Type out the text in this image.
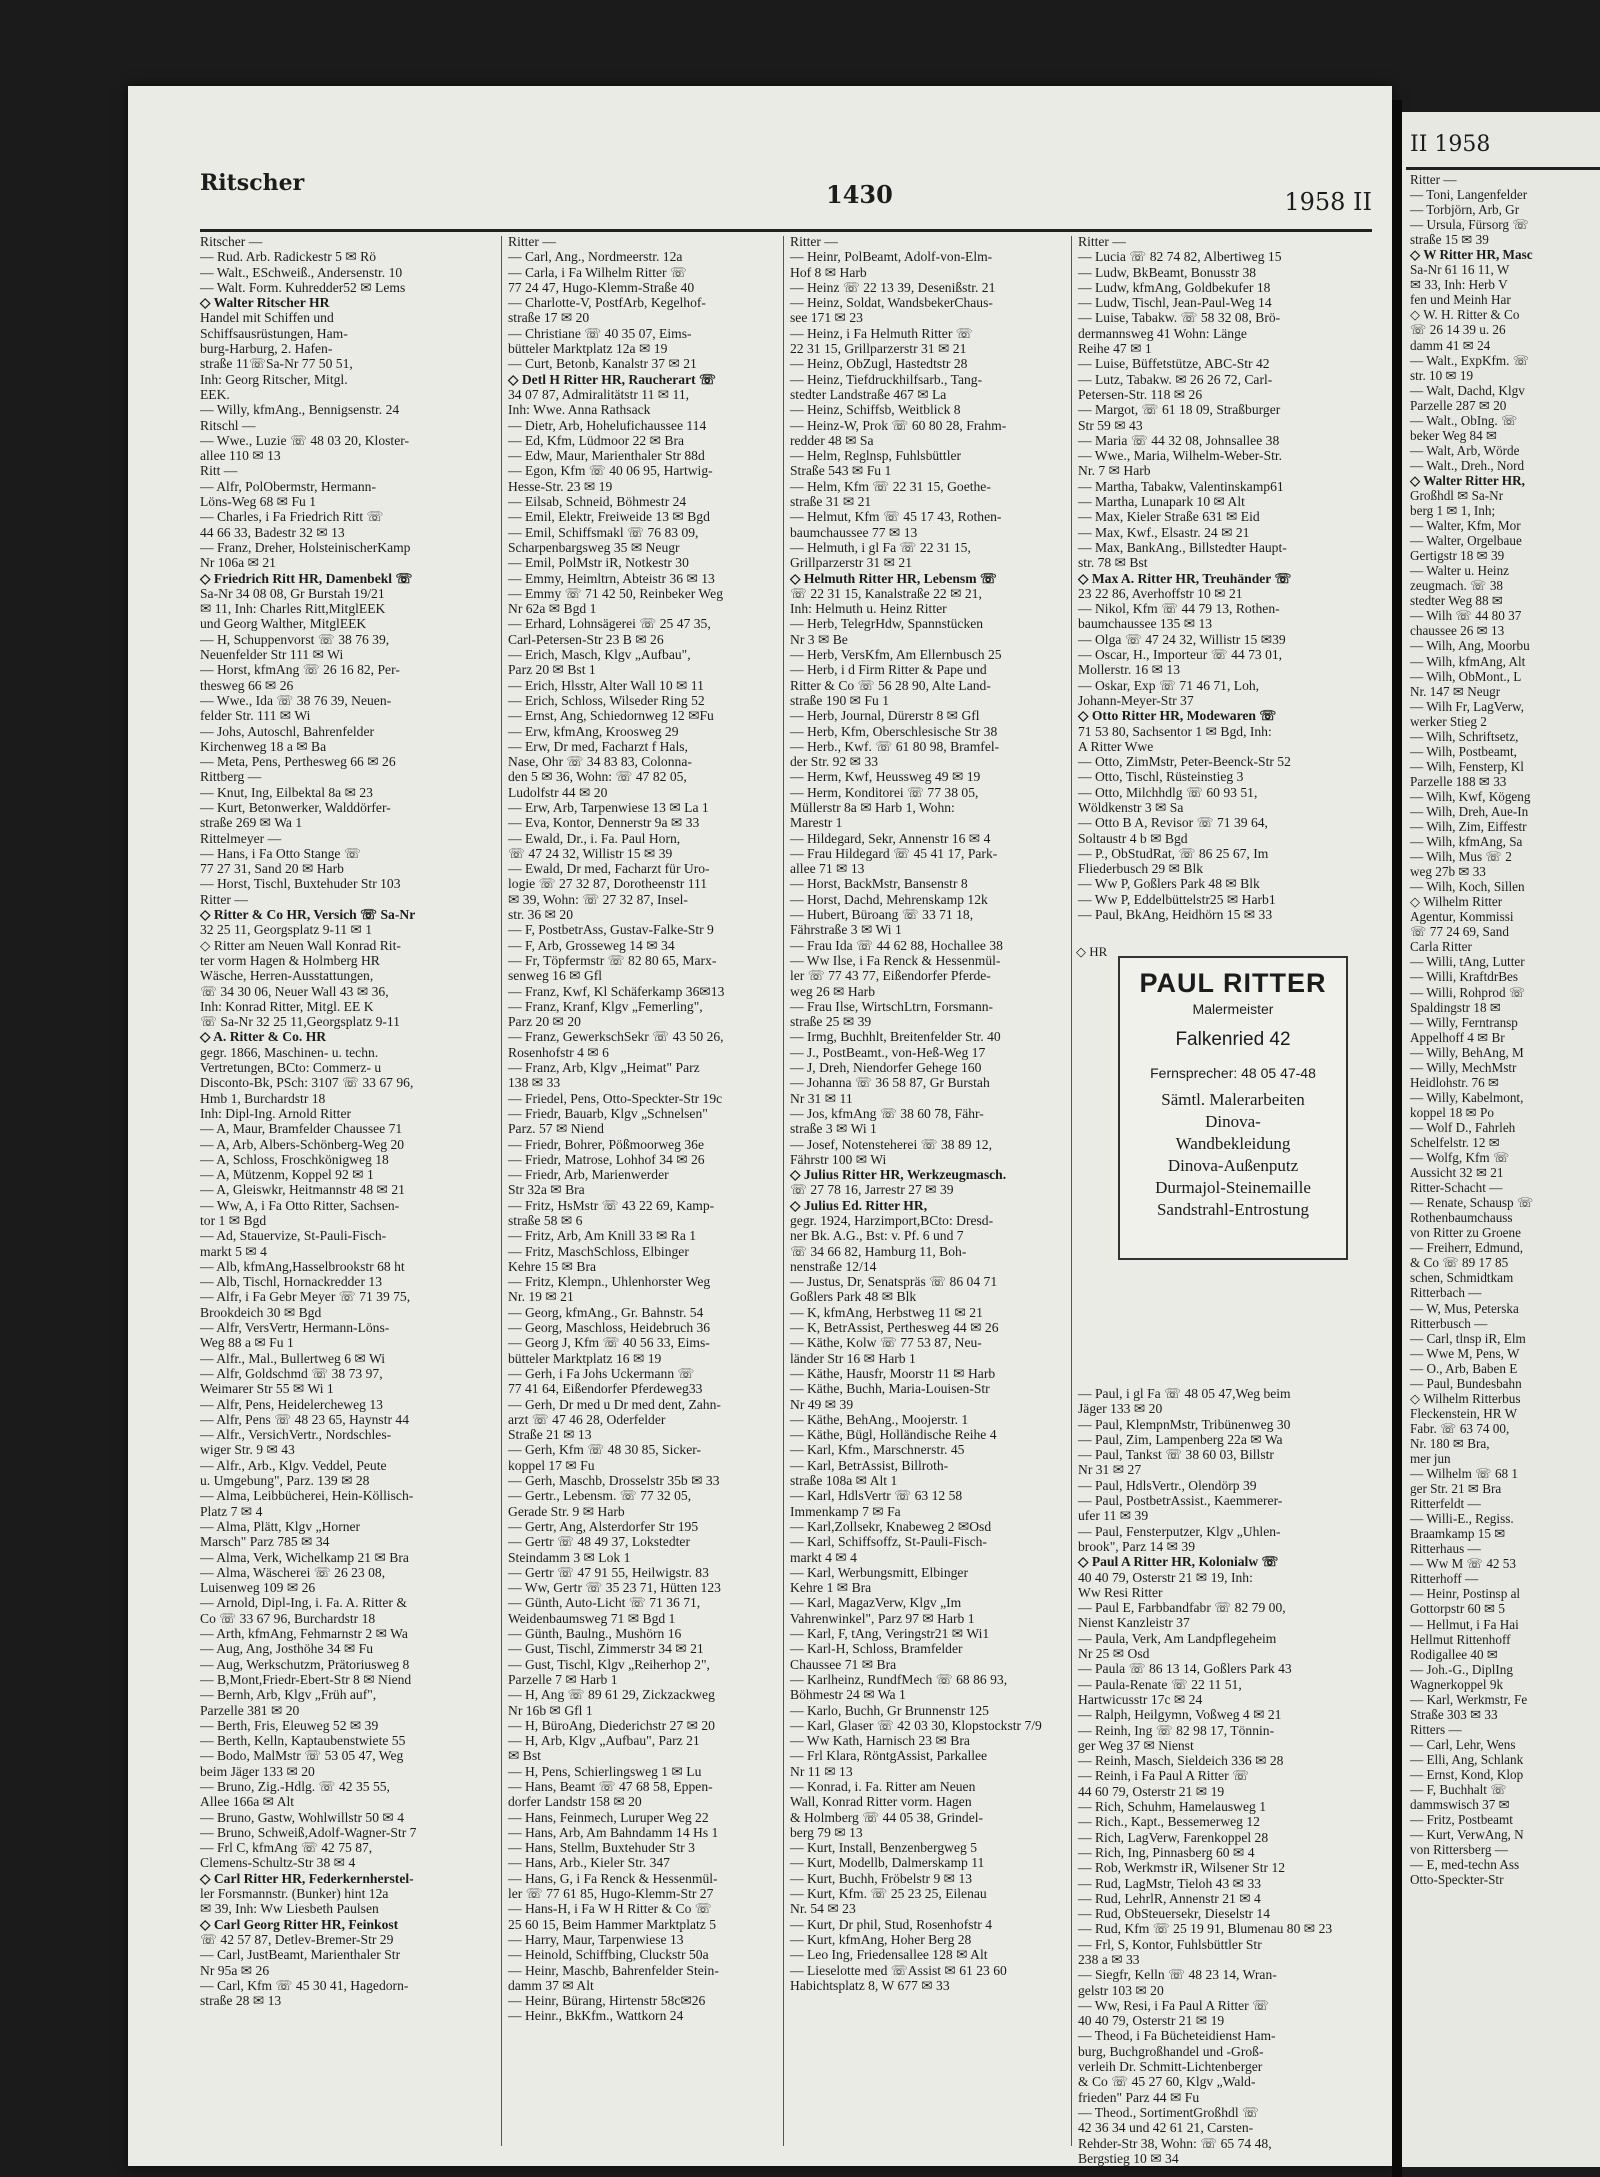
II 1958
Ritter —
— Toni, Langenfelder
— Torbjörn, Arb, Gr
— Ursula, Fürsorg ☏
straße 15 ✉ 39
◇ W Ritter HR, Masc
Sa-Nr 61 16 11, W
✉ 33, Inh: Herb V
fen und Meinh Har
◇ W. H. Ritter & Co
☏ 26 14 39 u. 26
damm 41 ✉ 24
— Walt., ExpKfm. ☏
str. 10 ✉ 19
— Walt, Dachd, Klgv
Parzelle 287 ✉ 20
— Walt., ObIng. ☏
beker Weg 84 ✉
— Walt, Arb, Wörde
— Walt., Dreh., Nord
◇ Walter Ritter HR,
Großhdl ✉ Sa-Nr
berg 1 ✉ 1, Inh;
— Walter, Kfm, Mor
— Walter, Orgelbaue
Gertigstr 18 ✉ 39
— Walter u. Heinz
zeugmach. ☏ 38
stedter Weg 88 ✉
— Wilh ☏ 44 80 37
chaussee 26 ✉ 13
— Wilh, Ang, Moorbu
— Wilh, kfmAng, Alt
— Wilh, ObMont., L
Nr. 147 ✉ Neugr
— Wilh Fr, LagVerw,
werker Stieg 2
— Wilh, Schriftsetz,
— Wilh, Postbeamt,
— Wilh, Fensterp, Kl
Parzelle 188 ✉ 33
— Wilh, Kwf, Kögeng
— Wilh, Dreh, Aue-In
— Wilh, Zim, Eiffestr
— Wilh, kfmAng, Sa
— Wilh, Mus ☏ 2
weg 27b ✉ 33
— Wilh, Koch, Sillen
◇ Wilhelm Ritter
Agentur, Kommissi
☏ 77 24 69, Sand
Carla Ritter
— Willi, tAng, Lutter
— Willi, KraftdrBes
— Willi, Rohprod ☏
Spaldingstr 18 ✉
— Willy, Ferntransp
Appelhoff 4 ✉ Br
— Willy, BehAng, M
— Willy, MechMstr
Heidlohstr. 76 ✉
— Willy, Kabelmont,
koppel 18 ✉ Po
— Wolf D., Fahrleh
Schelfelstr. 12 ✉
— Wolfg, Kfm ☏
Aussicht 32 ✉ 21
Ritter-Schacht —
— Renate, Schausp ☏
Rothenbaumchauss
von Ritter zu Groene
— Freiherr, Edmund,
& Co ☏ 89 17 85
schen, Schmidtkam
Ritterbach —
— W, Mus, Peterska
Ritterbusch —
— Carl, tlnsp iR, Elm
— Wwe M, Pens, W
— O., Arb, Baben E
— Paul, Bundesbahn
◇ Wilhelm Ritterbus
Fleckenstein, HR W
Fabr. ☏ 63 74 00,
Nr. 180 ✉ Bra,
mer jun
— Wilhelm ☏ 68 1
ger Str. 21 ✉ Bra
Ritterfeldt —
— Willi-E., Regiss.
Braamkamp 15 ✉
Ritterhaus —
— Ww M ☏ 42 53
Ritterhoff —
— Heinr, Postinsp al
Gottorpstr 60 ✉ 5
— Hellmut, i Fa Hai
Hellmut Rittenhoff
Rodigallee 40 ✉
— Joh.-G., DiplIng
Wagnerkoppel 9k
— Karl, Werkmstr, Fe
Straße 303 ✉ 33
Ritters —
— Carl, Lehr, Wens
— Elli, Ang, Schlank
— Ernst, Kond, Klop
— F, Buchhalt ☏
dammswisch 37 ✉
— Fritz, Postbeamt
— Kurt, VerwAng, N
von Rittersberg —
— E, med-techn Ass
Otto-Speckter-Str
Ritscher	1430	1958 II
Ritscher —
— Rud. Arb. Radickestr 5 ✉ Rö
— Walt., ESchweiß., Andersenstr. 10
— Walt. Form. Kuhredder52 ✉ Lems
◇ Walter Ritscher HR
Handel mit Schiffen und
Schiffsausrüstungen, Ham-
burg-Harburg, 2. Hafen-
straße 11☏Sa-Nr 77 50 51,
Inh: Georg Ritscher, Mitgl.
EEK.
— Willy, kfmAng., Bennigsenstr. 24
Ritschl —
— Wwe., Luzie ☏ 48 03 20, Kloster-
allee 110 ✉ 13
Ritt —
— Alfr, PolObermstr, Hermann-
Löns-Weg 68 ✉ Fu 1
— Charles, i Fa Friedrich Ritt ☏
44 66 33, Badestr 32 ✉ 13
— Franz, Dreher, HolsteinischerKamp
Nr 106a ✉ 21
◇ Friedrich Ritt HR, Damenbekl ☏
Sa-Nr 34 08 08, Gr Burstah 19/21
✉ 11, Inh: Charles Ritt,MitglEEK
und Georg Walther, MitglEEK
— H, Schuppenvorst ☏ 38 76 39,
Neuenfelder Str 111 ✉ Wi
— Horst, kfmAng ☏ 26 16 82, Per-
thesweg 66 ✉ 26
— Wwe., Ida ☏ 38 76 39, Neuen-
felder Str. 111 ✉ Wi
— Johs, Autoschl, Bahrenfelder
Kirchenweg 18 a ✉ Ba
— Meta, Pens, Perthesweg 66 ✉ 26
Rittberg —
— Knut, Ing, Eilbektal 8a ✉ 23
— Kurt, Betonwerker, Walddörfer-
straße 269 ✉ Wa 1
Rittelmeyer —
— Hans, i Fa Otto Stange ☏
77 27 31, Sand 20 ✉ Harb
— Horst, Tischl, Buxtehuder Str 103
Ritter —
◇ Ritter & Co HR, Versich ☏ Sa-Nr
32 25 11, Georgsplatz 9-11 ✉ 1
◇ Ritter am Neuen Wall Konrad Rit-
ter vorm Hagen & Holmberg HR
Wäsche, Herren-Ausstattungen,
☏ 34 30 06, Neuer Wall 43 ✉ 36,
Inh: Konrad Ritter, Mitgl. EE K
☏ Sa-Nr 32 25 11,Georgsplatz 9-11
◇ A. Ritter & Co. HR
gegr. 1866, Maschinen- u. techn.
Vertretungen, BCto: Commerz- u
Disconto-Bk, PSch: 3107 ☏ 33 67 96,
Hmb 1, Burchardstr 18
Inh: Dipl-Ing. Arnold Ritter
— A, Maur, Bramfelder Chaussee 71
— A, Arb, Albers-Schönberg-Weg 20
— A, Schloss, Froschkönigweg 18
— A, Mützenm, Koppel 92 ✉ 1
— A, Gleiswkr, Heitmannstr 48 ✉ 21
— Ww, A, i Fa Otto Ritter, Sachsen-
tor 1 ✉ Bgd
— Ad, Stauervize, St-Pauli-Fisch-
markt 5 ✉ 4
— Alb, kfmAng,Hasselbrookstr 68 ht
— Alb, Tischl, Hornackredder 13
— Alfr, i Fa Gebr Meyer ☏ 71 39 75,
Brookdeich 30 ✉ Bgd
— Alfr, VersVertr, Hermann-Löns-
Weg 88 a ✉ Fu 1
— Alfr., Mal., Bullertweg 6 ✉ Wi
— Alfr, Goldschmd ☏ 38 73 97,
Weimarer Str 55 ✉ Wi 1
— Alfr, Pens, Heidelercheweg 13
— Alfr, Pens ☏ 48 23 65, Haynstr 44
— Alfr., VersichVertr., Nordschles-
wiger Str. 9 ✉ 43
— Alfr., Arb., Klgv. Veddel, Peute
u. Umgebung", Parz. 139 ✉ 28
— Alma, Leibbücherei, Hein-Köllisch-
Platz 7 ✉ 4
— Alma, Plätt, Klgv „Horner
Marsch" Parz 785 ✉ 34
— Alma, Verk, Wichelkamp 21 ✉ Bra
— Alma, Wäscherei ☏ 26 23 08,
Luisenweg 109 ✉ 26
— Arnold, Dipl-Ing, i. Fa. A. Ritter &
Co ☏ 33 67 96, Burchardstr 18
— Arth, kfmAng, Fehmarnstr 2 ✉ Wa
— Aug, Ang, Josthöhe 34 ✉ Fu
— Aug, Werkschutzm, Prätoriusweg 8
— B,Mont,Friedr-Ebert-Str 8 ✉ Niend
— Bernh, Arb, Klgv „Früh auf",
Parzelle 381 ✉ 20
— Berth, Fris, Eleuweg 52 ✉ 39
— Berth, Kelln, Kaptaubenstwiete 55
— Bodo, MalMstr ☏ 53 05 47, Weg
beim Jäger 133 ✉ 20
— Bruno, Zig.-Hdlg. ☏ 42 35 55,
Allee 166a ✉ Alt
— Bruno, Gastw, Wohlwillstr 50 ✉ 4
— Bruno, Schweiß,Adolf-Wagner-Str 7
— Frl C, kfmAng ☏ 42 75 87,
Clemens-Schultz-Str 38 ✉ 4
◇ Carl Ritter HR, Federkernherstel-
ler Forsmannstr. (Bunker) hint 12a
✉ 39, Inh: Ww Liesbeth Paulsen
◇ Carl Georg Ritter HR, Feinkost
☏ 42 57 87, Detlev-Bremer-Str 29
— Carl, JustBeamt, Marienthaler Str
Nr 95a ✉ 26
— Carl, Kfm ☏ 45 30 41, Hagedorn-
straße 28 ✉ 13
Ritter —
— Carl, Ang., Nordmeerstr. 12a
— Carla, i Fa Wilhelm Ritter ☏
77 24 47, Hugo-Klemm-Straße 40
— Charlotte-V, PostfArb, Kegelhof-
straße 17 ✉ 20
— Christiane ☏ 40 35 07, Eims-
bütteler Marktplatz 12a ✉ 19
— Curt, Betonb, Kanalstr 37 ✉ 21
◇ Detl H Ritter HR, Raucherart ☏
34 07 87, Admiralitätstr 11 ✉ 11,
Inh: Wwe. Anna Rathsack
— Dietr, Arb, Hohelufichaussee 114
— Ed, Kfm, Lüdmoor 22 ✉ Bra
— Edw, Maur, Marienthaler Str 88d
— Egon, Kfm ☏ 40 06 95, Hartwig-
Hesse-Str. 23 ✉ 19
— Eilsab, Schneid, Böhmestr 24
— Emil, Elektr, Freiweide 13 ✉ Bgd
— Emil, Schiffsmakl ☏ 76 83 09,
Scharpenbargsweg 35 ✉ Neugr
— Emil, PolMstr iR, Notkestr 30
— Emmy, Heimltrn, Abteistr 36 ✉ 13
— Emmy ☏ 71 42 50, Reinbeker Weg
Nr 62a ✉ Bgd 1
— Erhard, Lohnsägerei ☏ 25 47 35,
Carl-Petersen-Str 23 B ✉ 26
— Erich, Masch, Klgv „Aufbau",
Parz 20 ✉ Bst 1
— Erich, Hlsstr, Alter Wall 10 ✉ 11
— Erich, Schloss, Wilseder Ring 52
— Ernst, Ang, Schiedornweg 12 ✉Fu
— Erw, kfmAng, Kroosweg 29
— Erw, Dr med, Facharzt f Hals,
Nase, Ohr ☏ 34 83 83, Colonna-
den 5 ✉ 36, Wohn: ☏ 47 82 05,
Ludolfstr 44 ✉ 20
— Erw, Arb, Tarpenwiese 13 ✉ La 1
— Eva, Kontor, Dennerstr 9a ✉ 33
— Ewald, Dr., i. Fa. Paul Horn,
☏ 47 24 32, Willistr 15 ✉ 39
— Ewald, Dr med, Facharzt für Uro-
logie ☏ 27 32 87, Dorotheenstr 111
✉ 39, Wohn: ☏ 27 32 87, Insel-
str. 36 ✉ 20
— F, PostbetrAss, Gustav-Falke-Str 9
— F, Arb, Grosseweg 14 ✉ 34
— Fr, Töpfermstr ☏ 82 80 65, Marx-
senweg 16 ✉ Gfl
— Franz, Kwf, Kl Schäferkamp 36✉13
— Franz, Kranf, Klgv „Femerling",
Parz 20 ✉ 20
— Franz, GewerkschSekr ☏ 43 50 26,
Rosenhofstr 4 ✉ 6
— Franz, Arb, Klgv „Heimat" Parz
138 ✉ 33
— Friedel, Pens, Otto-Speckter-Str 19c
— Friedr, Bauarb, Klgv „Schnelsen"
Parz. 57 ✉ Niend
— Friedr, Bohrer, Pößmoorweg 36e
— Friedr, Matrose, Lohhof 34 ✉ 26
— Friedr, Arb, Marienwerder
Str 32a ✉ Bra
— Fritz, HsMstr ☏ 43 22 69, Kamp-
straße 58 ✉ 6
— Fritz, Arb, Am Knill 33 ✉ Ra 1
— Fritz, MaschSchloss, Elbinger
Kehre 15 ✉ Bra
— Fritz, Klempn., Uhlenhorster Weg
Nr. 19 ✉ 21
— Georg, kfmAng., Gr. Bahnstr. 54
— Georg, Maschloss, Heidebruch 36
— Georg J, Kfm ☏ 40 56 33, Eims-
bütteler Marktplatz 16 ✉ 19
— Gerh, i Fa Johs Uckermann ☏
77 41 64, Eißendorfer Pferdeweg33
— Gerh, Dr med u Dr med dent, Zahn-
arzt ☏ 47 46 28, Oderfelder
Straße 21 ✉ 13
— Gerh, Kfm ☏ 48 30 85, Sicker-
koppel 17 ✉ Fu
— Gerh, Maschb, Drosselstr 35b ✉ 33
— Gertr., Lebensm. ☏ 77 32 05,
Gerade Str. 9 ✉ Harb
— Gertr, Ang, Alsterdorfer Str 195
— Gertr ☏ 48 49 37, Lokstedter
Steindamm 3 ✉ Lok 1
— Gertr ☏ 47 91 55, Heilwigstr. 83
— Ww, Gertr ☏ 35 23 71, Hütten 123
— Günth, Auto-Licht ☏ 71 36 71,
Weidenbaumsweg 71 ✉ Bgd 1
— Günth, Baulng., Mushörn 16
— Gust, Tischl, Zimmerstr 34 ✉ 21
— Gust, Tischl, Klgv „Reiherhop 2",
Parzelle 7 ✉ Harb 1
— H, Ang ☏ 89 61 29, Zickzackweg
Nr 16b ✉ Gfl 1
— H, BüroAng, Diederichstr 27 ✉ 20
— H, Arb, Klgv „Aufbau", Parz 21
✉ Bst
— H, Pens, Schierlingsweg 1 ✉ Lu
— Hans, Beamt ☏ 47 68 58, Eppen-
dorfer Landstr 158 ✉ 20
— Hans, Feinmech, Luruper Weg 22
— Hans, Arb, Am Bahndamm 14 Hs 1
— Hans, Stellm, Buxtehuder Str 3
— Hans, Arb., Kieler Str. 347
— Hans, G, i Fa Renck & Hessenmül-
ler ☏ 77 61 85, Hugo-Klemm-Str 27
— Hans-H, i Fa W H Ritter & Co ☏
25 60 15, Beim Hammer Marktplatz 5
— Harry, Maur, Tarpenwiese 13
— Heinold, Schiffbing, Cluckstr 50a
— Heinr, Maschb, Bahrenfelder Stein-
damm 37 ✉ Alt
— Heinr, Bürang, Hirtenstr 58c✉26
— Heinr., BkKfm., Wattkorn 24
Ritter —
— Heinr, PolBeamt, Adolf-von-Elm-
Hof 8 ✉ Harb
— Heinz ☏ 22 13 39, Desenißstr. 21
— Heinz, Soldat, WandsbekerChaus-
see 171 ✉ 23
— Heinz, i Fa Helmuth Ritter ☏
22 31 15, Grillparzerstr 31 ✉ 21
— Heinz, ObZugl, Hastedtstr 28
— Heinz, Tiefdruckhilfsarb., Tang-
stedter Landstraße 467 ✉ La
— Heinz, Schiffsb, Weitblick 8
— Heinz-W, Prok ☏ 60 80 28, Frahm-
redder 48 ✉ Sa
— Helm, Reglnsp, Fuhlsbüttler
Straße 543 ✉ Fu 1
— Helm, Kfm ☏ 22 31 15, Goethe-
straße 31 ✉ 21
— Helmut, Kfm ☏ 45 17 43, Rothen-
baumchaussee 77 ✉ 13
— Helmuth, i gl Fa ☏ 22 31 15,
Grillparzerstr 31 ✉ 21
◇ Helmuth Ritter HR, Lebensm ☏
☏ 22 31 15, Kanalstraße 22 ✉ 21,
Inh: Helmuth u. Heinz Ritter
— Herb, TelegrHdw, Spannstücken
Nr 3 ✉ Be
— Herb, VersKfm, Am Ellernbusch 25
— Herb, i d Firm Ritter & Pape und
Ritter & Co ☏ 56 28 90, Alte Land-
straße 190 ✉ Fu 1
— Herb, Journal, Dürerstr 8 ✉ Gfl
— Herb, Kfm, Oberschlesische Str 38
— Herb., Kwf. ☏ 61 80 98, Bramfel-
der Str. 92 ✉ 33
— Herm, Kwf, Heussweg 49 ✉ 19
— Herm, Konditorei ☏ 77 38 05,
Müllerstr 8a ✉ Harb 1, Wohn:
Marestr 1
— Hildegard, Sekr, Annenstr 16 ✉ 4
— Frau Hildegard ☏ 45 41 17, Park-
allee 71 ✉ 13
— Horst, BackMstr, Bansenstr 8
— Horst, Dachd, Mehrenskamp 12k
— Hubert, Büroang ☏ 33 71 18,
Fährstraße 3 ✉ Wi 1
— Frau Ida ☏ 44 62 88, Hochallee 38
— Ww Ilse, i Fa Renck & Hessenmül-
ler ☏ 77 43 77, Eißendorfer Pferde-
weg 26 ✉ Harb
— Frau Ilse, WirtschLtrn, Forsmann-
straße 25 ✉ 39
— Irmg, Buchhlt, Breitenfelder Str. 40
— J., PostBeamt., von-Heß-Weg 17
— J, Dreh, Niendorfer Gehege 160
— Johanna ☏ 36 58 87, Gr Burstah
Nr 31 ✉ 11
— Jos, kfmAng ☏ 38 60 78, Fähr-
straße 3 ✉ Wi 1
— Josef, Notensteherei ☏ 38 89 12,
Fährstr 100 ✉ Wi
◇ Julius Ritter HR, Werkzeugmasch.
☏ 27 78 16, Jarrestr 27 ✉ 39
◇ Julius Ed. Ritter HR,
gegr. 1924, Harzimport,BCto: Dresd-
ner Bk. A.G., Bst: v. Pf. 6 und 7
☏ 34 66 82, Hamburg 11, Boh-
nenstraße 12/14
— Justus, Dr, Senatspräs ☏ 86 04 71
Goßlers Park 48 ✉ Blk
— K, kfmAng, Herbstweg 11 ✉ 21
— K, BetrAssist, Perthesweg 44 ✉ 26
— Käthe, Kolw ☏ 77 53 87, Neu-
länder Str 16 ✉ Harb 1
— Käthe, Hausfr, Moorstr 11 ✉ Harb
— Käthe, Buchh, Maria-Louisen-Str
Nr 49 ✉ 39
— Käthe, BehAng., Moojerstr. 1
— Käthe, Bügl, Holländische Reihe 4
— Karl, Kfm., Marschnerstr. 45
— Karl, BetrAssist, Billroth-
straße 108a ✉ Alt 1
— Karl, HdlsVertr ☏ 63 12 58
Immenkamp 7 ✉ Fa
— Karl,Zollsekr, Knabeweg 2 ✉Osd
— Karl, Schiffsoffz, St-Pauli-Fisch-
markt 4 ✉ 4
— Karl, Werbungsmitt, Elbinger
Kehre 1 ✉ Bra
— Karl, MagazVerw, Klgv „Im
Vahrenwinkel", Parz 97 ✉ Harb 1
— Karl, F, tAng, Veringstr21 ✉ Wi1
— Karl-H, Schloss, Bramfelder
Chaussee 71 ✉ Bra
— Karlheinz, RundfMech ☏ 68 86 93,
Böhmestr 24 ✉ Wa 1
— Karlo, Buchh, Gr Brunnenstr 125
— Karl, Glaser ☏ 42 03 30, Klopstockstr 7/9
— Ww Kath, Harnisch 23 ✉ Bra
— Frl Klara, RöntgAssist, Parkallee
Nr 11 ✉ 13
— Konrad, i. Fa. Ritter am Neuen
Wall, Konrad Ritter vorm. Hagen
& Holmberg ☏ 44 05 38, Grindel-
berg 79 ✉ 13
— Kurt, Install, Benzenbergweg 5
— Kurt, Modellb, Dalmerskamp 11
— Kurt, Buchh, Fröbelstr 9 ✉ 13
— Kurt, Kfm. ☏ 25 23 25, Eilenau
Nr. 54 ✉ 23
— Kurt, Dr phil, Stud, Rosenhofstr 4
— Kurt, kfmAng, Hoher Berg 28
— Leo Ing, Friedensallee 128 ✉ Alt
— Lieselotte med ☏Assist ✉ 61 23 60
Habichtsplatz 8, W 677 ✉ 33
Ritter —
— Lucia ☏ 82 74 82, Albertiweg 15
— Ludw, BkBeamt, Bonusstr 38
— Ludw, kfmAng, Goldbekufer 18
— Ludw, Tischl, Jean-Paul-Weg 14
— Luise, Tabakw. ☏ 58 32 08, Brö-
dermannsweg 41 Wohn: Länge
Reihe 47 ✉ 1
— Luise, Büffetstütze, ABC-Str 42
— Lutz, Tabakw. ✉ 26 26 72, Carl-
Petersen-Str. 118 ✉ 26
— Margot, ☏ 61 18 09, Straßburger
Str 59 ✉ 43
— Maria ☏ 44 32 08, Johnsallee 38
— Wwe., Maria, Wilhelm-Weber-Str.
Nr. 7 ✉ Harb
— Martha, Tabakw, Valentinskamp61
— Martha, Lunapark 10 ✉ Alt
— Max, Kieler Straße 631 ✉ Eid
— Max, Kwf., Elsastr. 24 ✉ 21
— Max, BankAng., Billstedter Haupt-
str. 78 ✉ Bst
◇ Max A. Ritter HR, Treuhänder ☏
23 22 86, Averhoffstr 10 ✉ 21
— Nikol, Kfm ☏ 44 79 13, Rothen-
baumchaussee 135 ✉ 13
— Olga ☏ 47 24 32, Willistr 15 ✉39
— Oscar, H., Importeur ☏ 44 73 01,
Mollerstr. 16 ✉ 13
— Oskar, Exp ☏ 71 46 71, Loh,
Johann-Meyer-Str 37
◇ Otto Ritter HR, Modewaren ☏
71 53 80, Sachsentor 1 ✉ Bgd, Inh:
A Ritter Wwe
— Otto, ZimMstr, Peter-Beenck-Str 52
— Otto, Tischl, Rüsteinstieg 3
— Otto, Milchhdlg ☏ 60 93 51,
Wöldkenstr 3 ✉ Sa
— Otto B A, Revisor ☏ 71 39 64,
Soltaustr 4 b ✉ Bgd
— P., ObStudRat, ☏ 86 25 67, Im
Fliederbusch 29 ✉ Blk
— Ww P, Goßlers Park 48 ✉ Blk
— Ww P, Eddelbüttelstr25 ✉ Harb1
— Paul, BkAng, Heidhörn 15 ✉ 33
— Paul, i gl Fa ☏ 48 05 47,Weg beim
Jäger 133 ✉ 20
— Paul, KlempnMstr, Tribünenweg 30
— Paul, Zim, Lampenberg 22a ✉ Wa
— Paul, Tankst ☏ 38 60 03, Billstr
Nr 31 ✉ 27
— Paul, HdlsVertr., Olendörp 39
— Paul, PostbetrAssist., Kaemmerer-
ufer 11 ✉ 39
— Paul, Fensterputzer, Klgv „Uhlen-
brook", Parz 14 ✉ 39
◇ Paul A Ritter HR, Kolonialw ☏
40 40 79, Osterstr 21 ✉ 19, Inh:
Ww Resi Ritter
— Paul E, Farbbandfabr ☏ 82 79 00,
Nienst Kanzleistr 37
— Paula, Verk, Am Landpflegeheim
Nr 25 ✉ Osd
— Paula ☏ 86 13 14, Goßlers Park 43
— Paula-Renate ☏ 22 11 51,
Hartwicusstr 17c ✉ 24
— Ralph, Heilgymn, Voßweg 4 ✉ 21
— Reinh, Ing ☏ 82 98 17, Tönnin-
ger Weg 37 ✉ Nienst
— Reinh, Masch, Sieldeich 336 ✉ 28
— Reinh, i Fa Paul A Ritter ☏
44 60 79, Osterstr 21 ✉ 19
— Rich, Schuhm, Hamelausweg 1
— Rich., Kapt., Bessemerweg 12
— Rich, LagVerw, Farenkoppel 28
— Rich, Ing, Pinnasberg 60 ✉ 4
— Rob, Werkmstr iR, Wilsener Str 12
— Rud, LagMstr, Tieloh 43 ✉ 33
— Rud, LehrlR, Annenstr 21 ✉ 4
— Rud, ObSteuersekr, Dieselstr 14
— Rud, Kfm ☏ 25 19 91, Blumenau 80 ✉ 23
— Frl, S, Kontor, Fuhlsbüttler Str
238 a ✉ 33
— Siegfr, Kelln ☏ 48 23 14, Wran-
gelstr 103 ✉ 20
— Ww, Resi, i Fa Paul A Ritter ☏
40 40 79, Osterstr 21 ✉ 19
— Theod, i Fa Bücheteidienst Ham-
burg, Buchgroßhandel und -Groß-
verleih Dr. Schmitt-Lichtenberger
& Co ☏ 45 27 60, Klgv „Wald-
frieden" Parz 44 ✉ Fu
— Theod., SortimentGroßhdl ☏
42 36 34 und 42 61 21, Carsten-
Rehder-Str 38, Wohn: ☏ 65 74 48,
Bergstieg 10 ✉ 34
◇ HR
PAUL RITTER
Malermeister
Falkenried 42
Fernsprecher: 48 05 47-48
Sämtl. Malerarbeiten
Dinova-
Wandbekleidung
Dinova-Außenputz
Durmajol-Steinemaille
Sandstrahl-Entrostung
